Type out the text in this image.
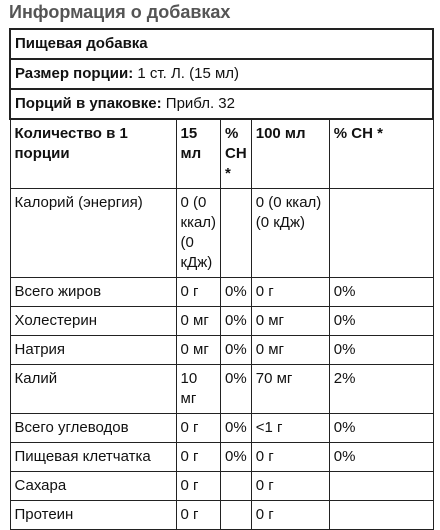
Информация о добавках
Пищевая добавка				
Размер порции: 1 ст. Л. (15 мл)				
Порций в упаковке: Прибл. 32				
Количество в 1 порции	15 мл	% СН *	100 мл	% СН *
Калорий (энергия)	0 (0 ккал) (0 кДж)		0 (0 ккал) (0 кДж)	
Всего жиров	0 г	0%	0 г	0%
Холестерин	0 мг	0%	0 мг	0%
Натрия	0 мг	0%	0 мг	0%
Калий	10 мг	0%	70 мг	2%
Всего углеводов	0 г	0%	<1 г	0%
Пищевая клетчатка	0 г	0%	0 г	0%
Сахара	0 г		0 г	
Протеин	0 г		0 г	
